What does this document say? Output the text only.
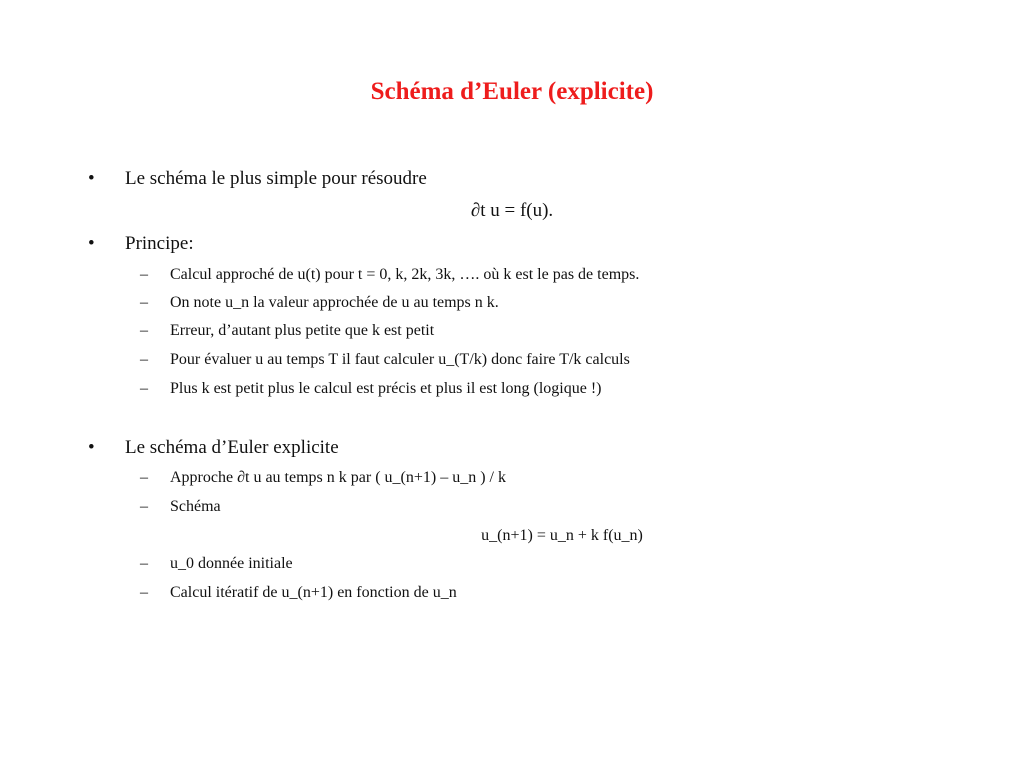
Schéma d’Euler (explicite)
• Le schéma le plus simple pour résoudre
∂t u = f(u).
• Principe:
– Calcul approché de u(t) pour t = 0, k, 2k, 3k, …. où k est le pas de temps.
– On note u_n la valeur approchée de u au temps n k.
– Erreur, d’autant plus petite que k est petit
– Pour évaluer u au temps T il faut calculer u_(T/k) donc faire T/k calculs
– Plus k est petit plus le calcul est précis et plus il est long (logique !)
• Le schéma d’Euler explicite
– Approche ∂t u au temps n k par ( u_(n+1) – u_n ) / k
– Schéma
u_(n+1) = u_n + k f(u_n)
– u_0 donnée initiale
– Calcul itératif de u_(n+1) en fonction de u_n
